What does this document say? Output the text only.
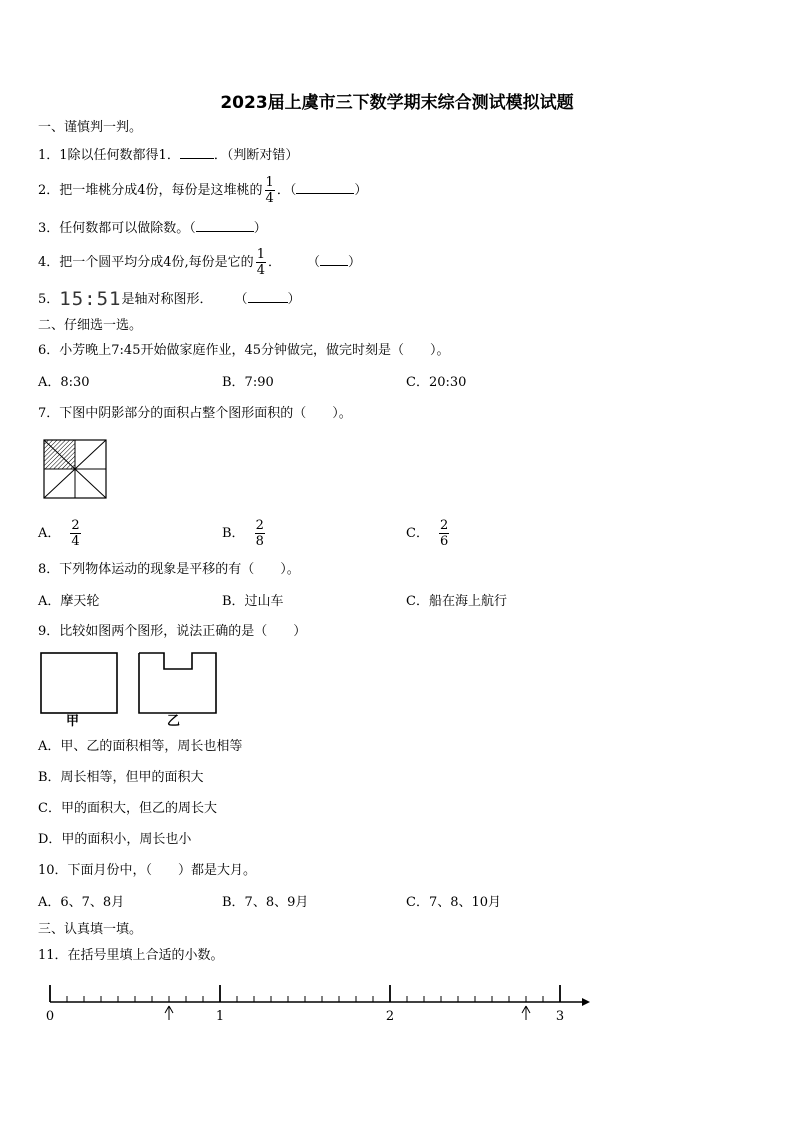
2023届上虞市三下数学期末综合测试模拟试题
一、谨慎判一判。
1．1除以任何数都得1．	．（判断对错）
2．把一堆桃分成4份，每份是这堆桃的 $\frac{1}{4}$ ．（	）
3．任何数都可以做除数。（	）
4．把一个圆平均分成4份,每份是它的 $\frac{1}{4}$ ． （ ）
5．15:51是轴对称图形． （	）
二、仔细选一选。
6．小芳晚上7:45开始做家庭作业，45分钟做完，做完时刻是（　　）。
A．8:30	B．7:90	C．20:30
7．下图中阴影部分的面积占整个图形面积的（　　）。
A． $\frac{2}{4}$	B． $\frac{2}{8}$	C． $\frac{2}{6}$
8．下列物体运动的现象是平移的有（　　）。
A．摩天轮	B．过山车	C．船在海上航行
9．比较如图两个图形，说法正确的是（　　）
甲	乙
A．甲、乙的面积相等，周长也相等
B．周长相等，但甲的面积大
C．甲的面积大，但乙的周长大
D．甲的面积小，周长也小
10．下面月份中，（　　）都是大月。
A．6、7、8月	B．7、8、9月	C．7、8、10月
三、认真填一填。
11．在括号里填上合适的小数。
0	1	2	3
